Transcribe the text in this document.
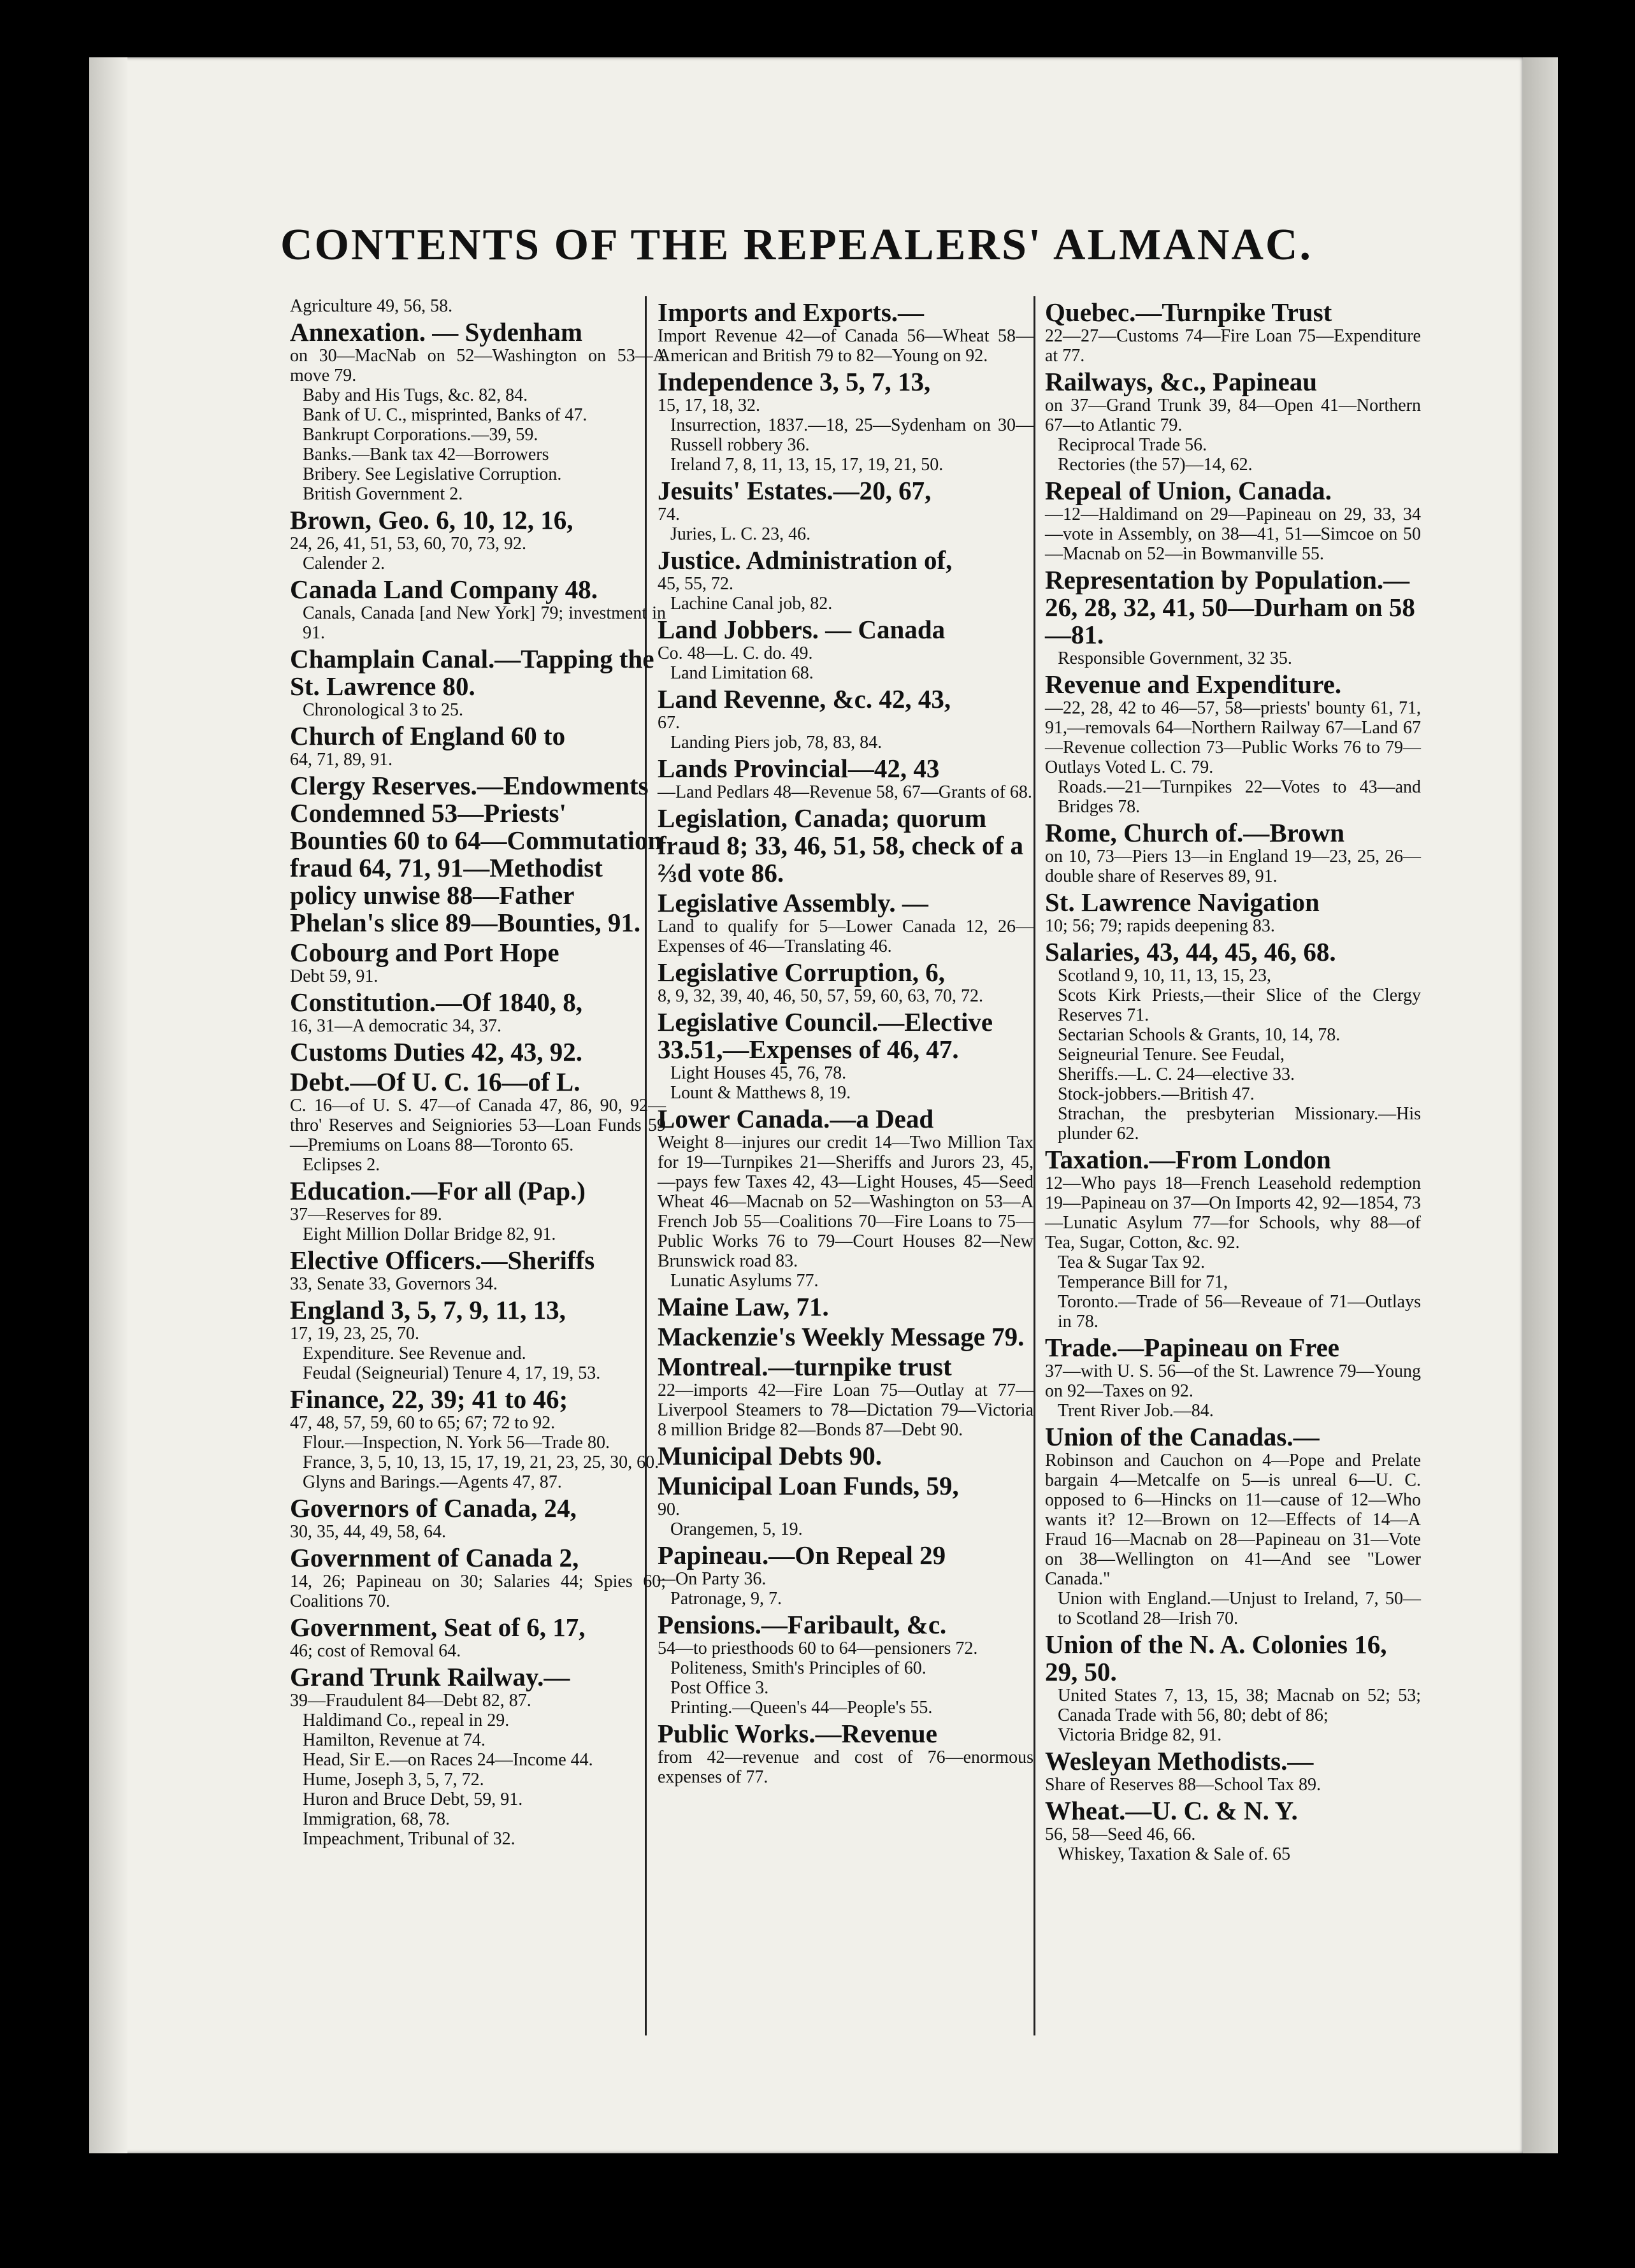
CONTENTS OF THE REPEALERS' ALMANAC.

Agriculture 49, 56, 58.

Annexation. — Sydenham

on 30—MacNab on 52—Washington on 53—A move 79.

Baby and His Tugs, &c. 82, 84.

Bank of U. C., misprinted, Banks of 47.

Bankrupt Corporations.—39, 59.

Banks.—Bank tax 42—Borrowers

Bribery. See Legislative Corruption.

British Government 2.

Brown, Geo. 6, 10, 12, 16,

24, 26, 41, 51, 53, 60, 70, 73, 92.

Calender 2.

Canada Land Company 48.

Canals, Canada [and New York] 79; investment in 91.

Champlain Canal.—Tapping the St. Lawrence 80.

Chronological 3 to 25.

Church of England 60 to

64, 71, 89, 91.

Clergy Reserves.—Endowments Condemned 53—Priests' Bounties 60 to 64—Commutation fraud 64, 71, 91—Methodist policy unwise 88—Father Phelan's slice 89—Bounties, 91.
Cobourg and Port Hope

Debt 59, 91.

Constitution.—Of 1840, 8,

16, 31—A democratic 34, 37.

Customs Duties 42, 43, 92.
Debt.—Of U. C. 16—of L.

C. 16—of U. S. 47—of Canada 47, 86, 90, 92—thro' Reserves and Seigniories 53—Loan Funds 59—Premiums on Loans 88—Toronto 65.

Eclipses 2.

Education.—For all (Pap.)

37—Reserves for 89.

Eight Million Dollar Bridge 82, 91.

Elective Officers.—Sheriffs

33, Senate 33, Governors 34.

England 3, 5, 7, 9, 11, 13,

17, 19, 23, 25, 70.

Expenditure. See Revenue and.

Feudal (Seigneurial) Tenure 4, 17, 19, 53.

Finance, 22, 39; 41 to 46;

47, 48, 57, 59, 60 to 65; 67; 72 to 92.

Flour.—Inspection, N. York 56—Trade 80.

France, 3, 5, 10, 13, 15, 17, 19, 21, 23, 25, 30, 60.

Glyns and Barings.—Agents 47, 87.

Governors of Canada, 24,

30, 35, 44, 49, 58, 64.

Government of Canada 2,

14, 26; Papineau on 30; Salaries 44; Spies 60; Coalitions 70.

Government, Seat of 6, 17,

46; cost of Removal 64.

Grand Trunk Railway.—

39—Fraudulent 84—Debt 82, 87.

Haldimand Co., repeal in 29.

Hamilton, Revenue at 74.

Head, Sir E.—on Races 24—Income 44.

Hume, Joseph 3, 5, 7, 72.

Huron and Bruce Debt, 59, 91.

Immigration, 68, 78.

Impeachment, Tribunal of 32.

Imports and Exports.—

Import Revenue 42—of Canada 56—Wheat 58—American and British 79 to 82—Young on 92.

Independence 3, 5, 7, 13,

15, 17, 18, 32.

Insurrection, 1837.—18, 25—Sydenham on 30—Russell robbery 36.

Ireland 7, 8, 11, 13, 15, 17, 19, 21, 50.

Jesuits' Estates.—20, 67,

74.

Juries, L. C. 23, 46.

Justice. Administration of,

45, 55, 72.

Lachine Canal job, 82.

Land Jobbers. — Canada

Co. 48—L. C. do. 49.

Land Limitation 68.

Land Revenne, &c. 42, 43,

67.

Landing Piers job, 78, 83, 84.

Lands Provincial—42, 43

—Land Pedlars 48—Revenue 58, 67—Grants of 68.

Legislation, Canada; quorum fraud 8; 33, 46, 51, 58, check of a ⅔d vote 86.
Legislative Assembly. —

Land to qualify for 5—Lower Canada 12, 26—Expenses of 46—Translating 46.

Legislative Corruption, 6,

8, 9, 32, 39, 40, 46, 50, 57, 59, 60, 63, 70, 72.

Legislative Council.—Elective 33.51,—Expenses of 46, 47.

Light Houses 45, 76, 78.

Lount & Matthews 8, 19.

Lower Canada.—a Dead

Weight 8—injures our credit 14—Two Million Tax for 19—Turnpikes 21—Sheriffs and Jurors 23, 45,—pays few Taxes 42, 43—Light Houses, 45—Seed Wheat 46—Macnab on 52—Washington on 53—A French Job 55—Coalitions 70—Fire Loans to 75—Public Works 76 to 79—Court Houses 82—New Brunswick road 83.

Lunatic Asylums 77.

Maine Law, 71.
Mackenzie's Weekly Message 79.
Montreal.—turnpike trust

22—imports 42—Fire Loan 75—Outlay at 77—Liverpool Steamers to 78—Dictation 79—Victoria 8 million Bridge 82—Bonds 87—Debt 90.

Municipal Debts 90.
Municipal Loan Funds, 59,

90.

Orangemen, 5, 19.

Papineau.—On Repeal 29

—On Party 36.

Patronage, 9, 7.

Pensions.—Faribault, &c.

54—to priesthoods 60 to 64—pensioners 72.

Politeness, Smith's Principles of 60.

Post Office 3.

Printing.—Queen's 44—People's 55.

Public Works.—Revenue

from 42—revenue and cost of 76—enormous expenses of 77.

Quebec.—Turnpike Trust

22—27—Customs 74—Fire Loan 75—Expenditure at 77.

Railways, &c., Papineau

on 37—Grand Trunk 39, 84—Open 41—Northern 67—to Atlantic 79.

Reciprocal Trade 56.

Rectories (the 57)—14, 62.

Repeal of Union, Canada.

—12—Haldimand on 29—Papineau on 29, 33, 34—vote in Assembly, on 38—41, 51—Simcoe on 50—Macnab on 52—in Bowmanville 55.

Representation by Population.—26, 28, 32, 41, 50—Durham on 58—81.

Responsible Government, 32 35.

Revenue and Expenditure.

—22, 28, 42 to 46—57, 58—priests' bounty 61, 71, 91,—removals 64—Northern Railway 67—Land 67—Revenue collection 73—Public Works 76 to 79—Outlays Voted L. C. 79.

Roads.—21—Turnpikes 22—Votes to 43—and Bridges 78.

Rome, Church of.—Brown

on 10, 73—Piers 13—in England 19—23, 25, 26—double share of Reserves 89, 91.

St. Lawrence Navigation

10; 56; 79; rapids deepening 83.

Salaries, 43, 44, 45, 46, 68.

Scotland 9, 10, 11, 13, 15, 23,

Scots Kirk Priests,—their Slice of the Clergy Reserves 71.

Sectarian Schools & Grants, 10, 14, 78.

Seigneurial Tenure. See Feudal,

Sheriffs.—L. C. 24—elective 33.

Stock-jobbers.—British 47.

Strachan, the presbyterian Missionary.—His plunder 62.

Taxation.—From London

12—Who pays 18—French Leasehold redemption 19—Papineau on 37—On Imports 42, 92—1854, 73—Lunatic Asylum 77—for Schools, why 88—of Tea, Sugar, Cotton, &c. 92.

Tea & Sugar Tax 92.

Temperance Bill for 71,

Toronto.—Trade of 56—Reveaue of 71—Outlays in 78.

Trade.—Papineau on Free

37—with U. S. 56—of the St. Lawrence 79—Young on 92—Taxes on 92.

Trent River Job.—84.

Union of the Canadas.—

Robinson and Cauchon on 4—Pope and Prelate bargain 4—Metcalfe on 5—is unreal 6—U. C. opposed to 6—Hincks on 11—cause of 12—Who wants it? 12—Brown on 12—Effects of 14—A Fraud 16—Macnab on 28—Papineau on 31—Vote on 38—Wellington on 41—And see "Lower Canada."

Union with England.—Unjust to Ireland, 7, 50—to Scotland 28—Irish 70.

Union of the N. A. Colonies 16, 29, 50.

United States 7, 13, 15, 38; Macnab on 52; 53; Canada Trade with 56, 80; debt of 86;

Victoria Bridge 82, 91.

Wesleyan Methodists.—

Share of Reserves 88—School Tax 89.

Wheat.—U. C. & N. Y.

56, 58—Seed 46, 66.

Whiskey, Taxation & Sale of. 65
